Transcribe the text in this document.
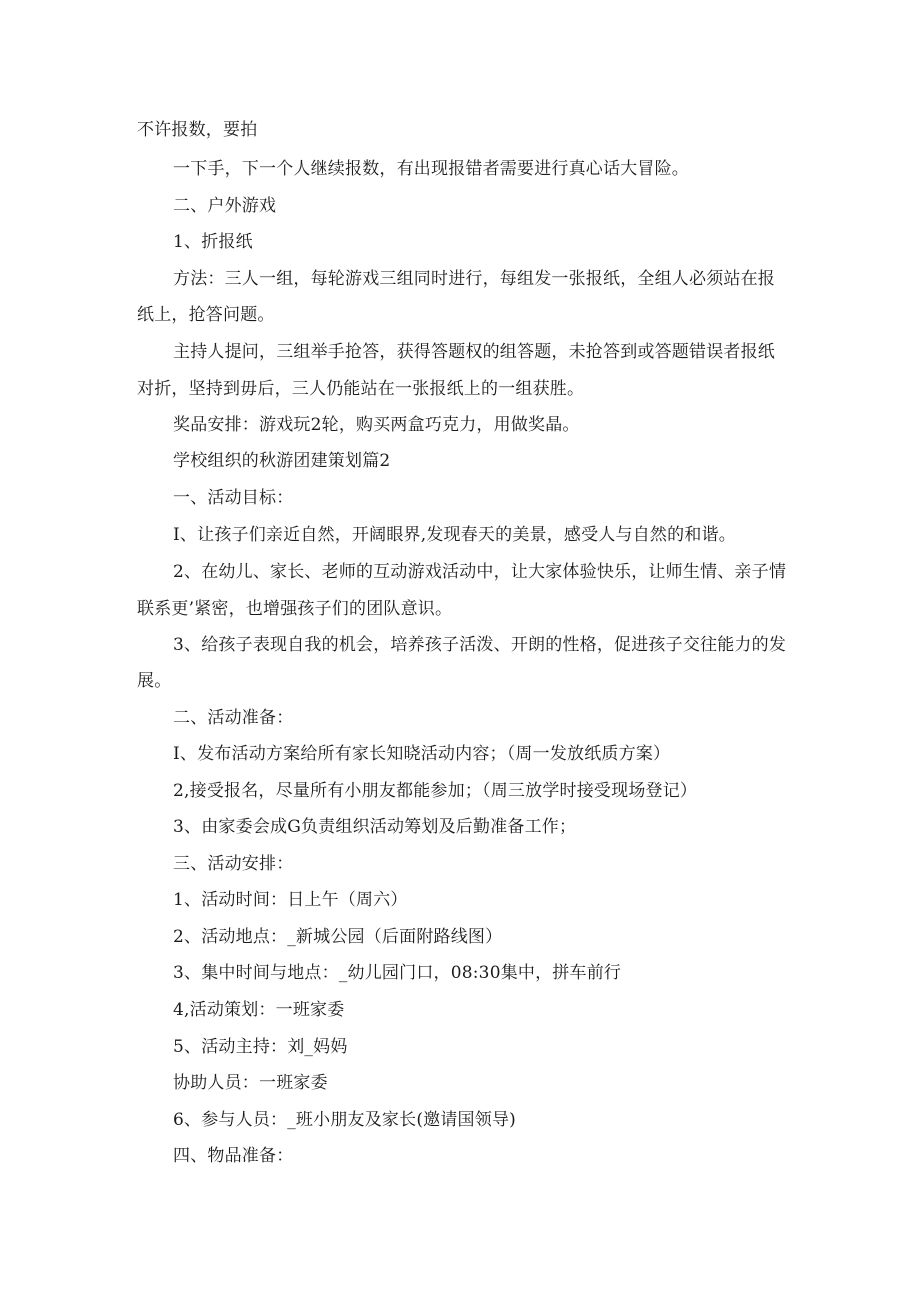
不许报数，要拍
一下手，下一个人继续报数，有出现报错者需要进行真心话大冒险。
二、户外游戏
1、折报纸
方法：三人一组，每轮游戏三组同时进行，每组发一张报纸，全组人必须站在报
纸上，抢答问题。
主持人提问，三组举手抢答，获得答题权的组答题，未抢答到或答题错误者报纸
对折，坚持到毋后，三人仍能站在一张报纸上的一组获胜。
奖品安排：游戏玩2轮，购买两盒巧克力，用做奖晶。
学校组织的秋游团建策划篇2
一、活动目标：
I、让孩子们亲近自然，开阔眼界,发现春天的美景，感受人与自然的和谐。
2、在幼儿、家长、老师的互动游戏活动中，让大家体验快乐，让师生情、亲子情
联系更’紧密，也增强孩子们的团队意识。
3、给孩子表现自我的机会，培养孩子活泼、开朗的性格，促进孩子交往能力的发
展。
二、活动准备：
I、发布活动方案给所有家长知晓活动内容；（周一发放纸质方案）
2,接受报名，尽量所有小朋友都能参加；（周三放学时接受现场登记）
3、由家委会成G负责组织活动筹划及后勤准备工作；
三、活动安排：
1、活动时间：日上午（周六）
2、活动地点：_新城公园（后面附路线图）
3、集中时间与地点：_幼儿园门口，08:30集中，拼车前行
4,活动策划：一班家委
5、活动主持：刘_妈妈
协助人员：一班家委
6、参与人员：_班小朋友及家长(邀请国领导)
四、物品准备：
